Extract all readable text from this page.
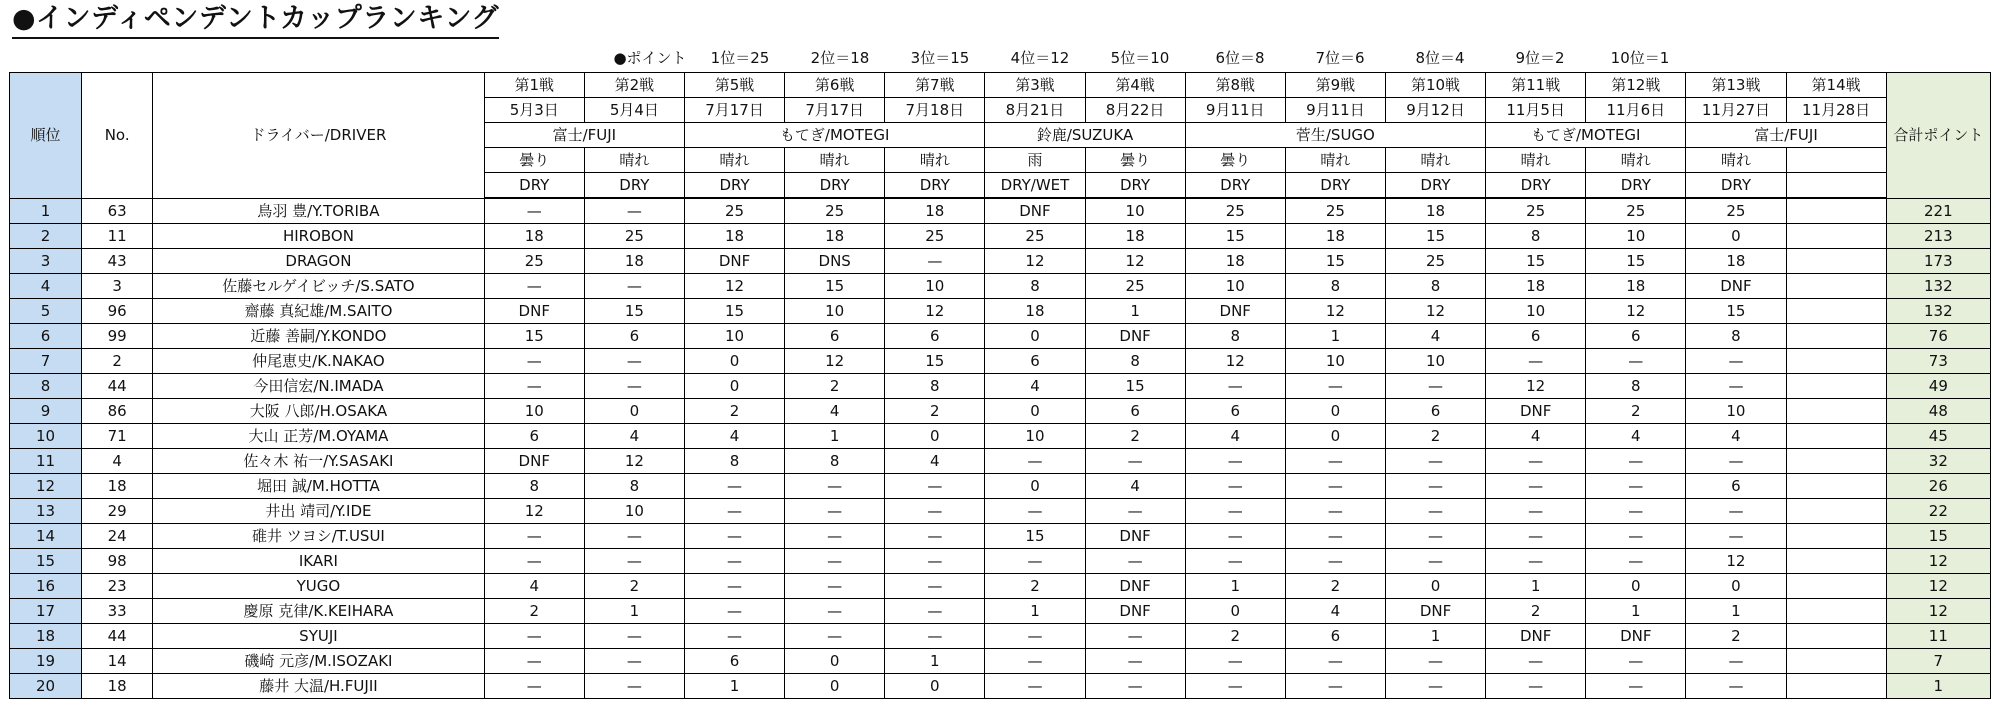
●インディペンデントカップランキング
●ポイント	1位＝25	2位＝18	3位＝15	4位＝12	5位＝10	6位＝8	7位＝6	8位＝4	9位＝2	10位＝1
順位	No.	ドライバー/DRIVER	第1戦	第2戦	第5戦	第6戦	第7戦	第3戦	第4戦	第8戦	第9戦	第10戦	第11戦	第12戦	第13戦	第14戦	合計ポイント
			5月3日	5月4日	7月17日	7月17日	7月18日	8月21日	8月22日	9月11日	9月11日	9月12日	11月5日	11月6日	11月27日	11月28日	
			富士/FUJI		もてぎ/MOTEGI			鈴鹿/SUZUKA		菅生/SUGO			もてぎ/MOTEGI		富士/FUJI		
			曇り	晴れ	晴れ	晴れ	晴れ	雨	曇り	曇り	晴れ	晴れ	晴れ	晴れ	晴れ		
			DRY	DRY	DRY	DRY	DRY	DRY/WET	DRY	DRY	DRY	DRY	DRY	DRY	DRY		
1	63	鳥羽 豊/Y.TORIBA	—	—	25	25	18	DNF	10	25	25	18	25	25	25		221
2	11	HIROBON	18	25	18	18	25	25	18	15	18	15	8	10	0		213
3	43	DRAGON	25	18	DNF	DNS	—	12	12	18	15	25	15	15	18		173
4	3	佐藤セルゲイビッチ/S.SATO	—	—	12	15	10	8	25	10	8	8	18	18	DNF		132
5	96	齋藤 真紀雄/M.SAITO	DNF	15	15	10	12	18	1	DNF	12	12	10	12	15		132
6	99	近藤 善嗣/Y.KONDO	15	6	10	6	6	0	DNF	8	1	4	6	6	8		76
7	2	仲尾恵史/K.NAKAO	—	—	0	12	15	6	8	12	10	10	—	—	—		73
8	44	今田信宏/N.IMADA	—	—	0	2	8	4	15	—	—	—	12	8	—		49
9	86	大阪 八郎/H.OSAKA	10	0	2	4	2	0	6	6	0	6	DNF	2	10		48
10	71	大山 正芳/M.OYAMA	6	4	4	1	0	10	2	4	0	2	4	4	4		45
11	4	佐々木 祐一/Y.SASAKI	DNF	12	8	8	4	—	—	—	—	—	—	—	—		32
12	18	堀田 誠/M.HOTTA	8	8	—	—	—	0	4	—	—	—	—	—	6		26
13	29	井出 靖司/Y.IDE	12	10	—	—	—	—	—	—	—	—	—	—	—		22
14	24	碓井 ツヨシ/T.USUI	—	—	—	—	—	15	DNF	—	—	—	—	—	—		15
15	98	IKARI	—	—	—	—	—	—	—	—	—	—	—	—	12		12
16	23	YUGO	4	2	—	—	—	2	DNF	1	2	0	1	0	0		12
17	33	慶原 克律/K.KEIHARA	2	1	—	—	—	1	DNF	0	4	DNF	2	1	1		12
18	44	SYUJI	—	—	—	—	—	—	—	2	6	1	DNF	DNF	2		11
19	14	磯崎 元彦/M.ISOZAKI	—	—	6	0	1	—	—	—	—	—	—	—	—		7
20	18	藤井 大温/H.FUJII	—	—	1	0	0	—	—	—	—	—	—	—	—		1
